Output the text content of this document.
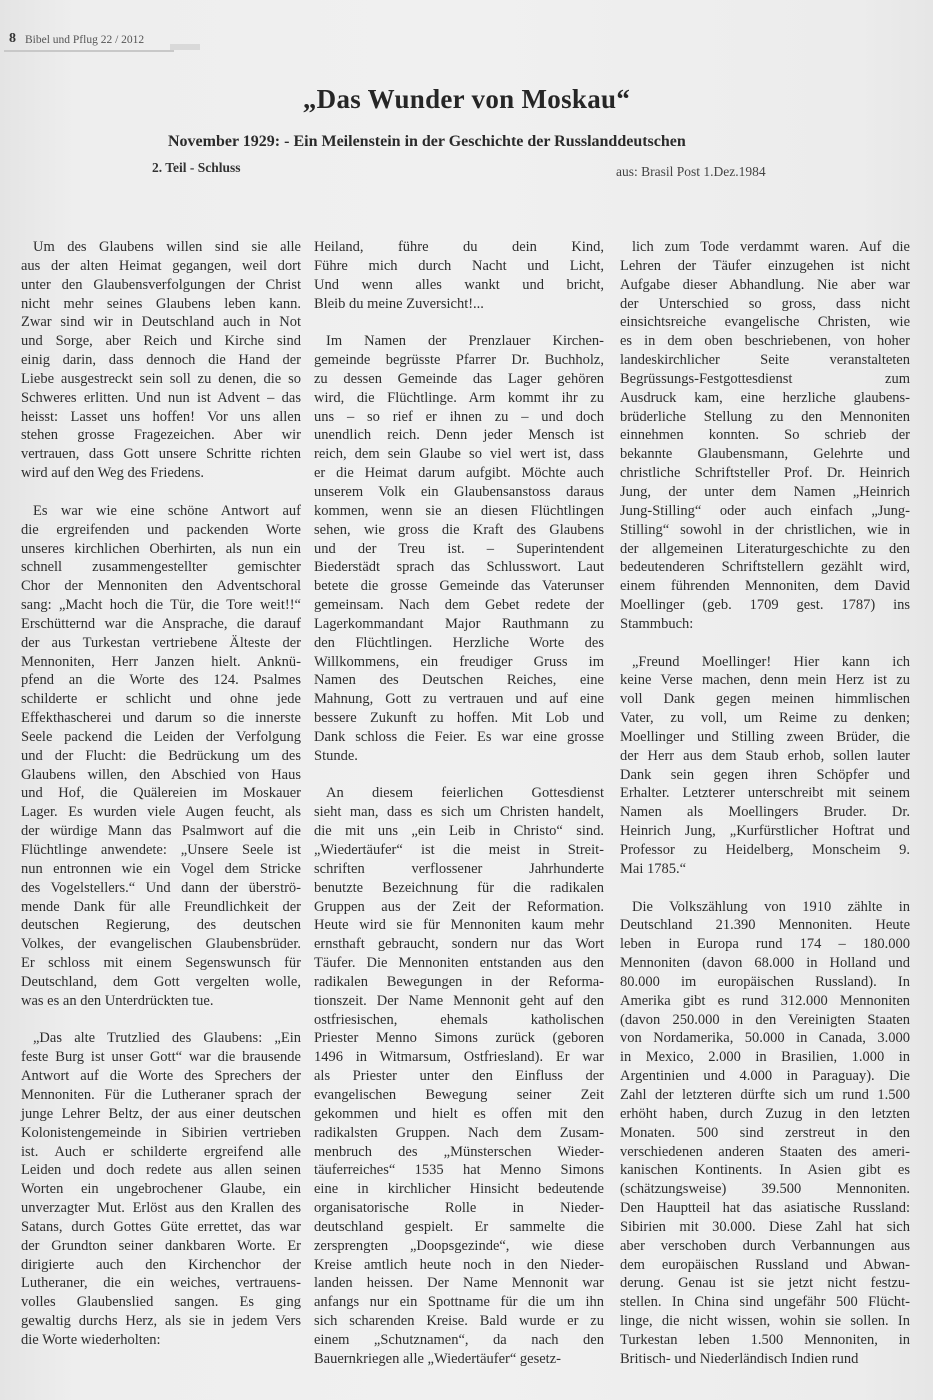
8 Bibel und Pflug 22 / 2012
„Das Wunder von Moskau“
November 1929: - Ein Meilenstein in der Geschichte der Russlanddeutschen
2. Teil - Schluss	aus: Brasil Post 1.Dez.1984
Um des Glaubens willen sind sie alle
aus der alten Heimat gegangen, weil dort
unter den Glaubensverfolgungen der Christ
nicht mehr seines Glaubens leben kann.
Zwar sind wir in Deutschland auch in Not
und Sorge, aber Reich und Kirche sind
einig darin, dass dennoch die Hand der
Liebe ausgestreckt sein soll zu denen, die so
Schweres erlitten. Und nun ist Advent – das
heisst: Lasset uns hoffen! Vor uns allen
stehen grosse Fragezeichen. Aber wir
vertrauen, dass Gott unsere Schritte richten
wird auf den Weg des Friedens.
Es war wie eine schöne Antwort auf
die ergreifenden und packenden Worte
unseres kirchlichen Oberhirten, als nun ein
schnell zusammengestellter gemischter
Chor der Mennoniten den Adventschoral
sang: „Macht hoch die Tür, die Tore weit!!“
Erschütternd war die Ansprache, die darauf
der aus Turkestan vertriebene Älteste der
Mennoniten, Herr Janzen hielt. Anknü-
pfend an die Worte des 124. Psalmes
schilderte er schlicht und ohne jede
Effekthascherei und darum so die innerste
Seele packend die Leiden der Verfolgung
und der Flucht: die Bedrückung um des
Glaubens willen, den Abschied von Haus
und Hof, die Quälereien im Moskauer
Lager. Es wurden viele Augen feucht, als
der würdige Mann das Psalmwort auf die
Flüchtlinge anwendete: „Unsere Seele ist
nun entronnen wie ein Vogel dem Stricke
des Vogelstellers.“ Und dann der überströ-
mende Dank für alle Freundlichkeit der
deutschen Regierung, des deutschen
Volkes, der evangelischen Glaubensbrüder.
Er schloss mit einem Segenswunsch für
Deutschland, dem Gott vergelten wolle,
was es an den Unterdrückten tue.
„Das alte Trutzlied des Glaubens: „Ein
feste Burg ist unser Gott“ war die brausende
Antwort auf die Worte des Sprechers der
Mennoniten. Für die Lutheraner sprach der
junge Lehrer Beltz, der aus einer deutschen
Kolonistengemeinde in Sibirien vertrieben
ist. Auch er schilderte ergreifend alle
Leiden und doch redete aus allen seinen
Worten ein ungebrochener Glaube, ein
unverzagter Mut. Erlöst aus den Krallen des
Satans, durch Gottes Güte errettet, das war
der Grundton seiner dankbaren Worte. Er
dirigierte auch den Kirchenchor der
Lutheraner, die ein weiches, vertrauens-
volles Glaubenslied sangen. Es ging
gewaltig durchs Herz, als sie in jedem Vers
die Worte wiederholten:
Heiland, führe du dein Kind,
Führe mich durch Nacht und Licht,
Und wenn alles wankt und bricht,
Bleib du meine Zuversicht!...
Im Namen der Prenzlauer Kirchen-
gemeinde begrüsste Pfarrer Dr. Buchholz,
zu dessen Gemeinde das Lager gehören
wird, die Flüchtlinge. Arm kommt ihr zu
uns – so rief er ihnen zu – und doch
unendlich reich. Denn jeder Mensch ist
reich, dem sein Glaube so viel wert ist, dass
er die Heimat darum aufgibt. Möchte auch
unserem Volk ein Glaubensanstoss daraus
kommen, wenn sie an diesen Flüchtlingen
sehen, wie gross die Kraft des Glaubens
und der Treu ist. – Superintendent
Biederstädt sprach das Schlusswort. Laut
betete die grosse Gemeinde das Vaterunser
gemeinsam. Nach dem Gebet redete der
Lagerkommandant Major Rauthmann zu
den Flüchtlingen. Herzliche Worte des
Willkommens, ein freudiger Gruss im
Namen des Deutschen Reiches, eine
Mahnung, Gott zu vertrauen und auf eine
bessere Zukunft zu hoffen. Mit Lob und
Dank schloss die Feier. Es war eine grosse
Stunde.
An diesem feierlichen Gottesdienst
sieht man, dass es sich um Christen handelt,
die mit uns „ein Leib in Christo“ sind.
„Wiedertäufer“ ist die meist in Streit-
schriften verflossener Jahrhunderte
benutzte Bezeichnung für die radikalen
Gruppen aus der Zeit der Reformation.
Heute wird sie für Mennoniten kaum mehr
ernsthaft gebraucht, sondern nur das Wort
Täufer. Die Mennoniten entstanden aus den
radikalen Bewegungen in der Reforma-
tionszeit. Der Name Mennonit geht auf den
ostfriesischen, ehemals katholischen
Priester Menno Simons zurück (geboren
1496 in Witmarsum, Ostfriesland). Er war
als Priester unter den Einfluss der
evangelischen Bewegung seiner Zeit
gekommen und hielt es offen mit den
radikalsten Gruppen. Nach dem Zusam-
menbruch des „Münsterschen Wieder-
täuferreiches“ 1535 hat Menno Simons
eine in kirchlicher Hinsicht bedeutende
organisatorische Rolle in Nieder-
deutschland gespielt. Er sammelte die
zersprengten „Doopsgezinde“, wie diese
Kreise amtlich heute noch in den Nieder-
landen heissen. Der Name Mennonit war
anfangs nur ein Spottname für die um ihn
sich scharenden Kreise. Bald wurde er zu
einem „Schutznamen“, da nach den
Bauernkriegen alle „Wiedertäufer“ gesetz-
lich zum Tode verdammt waren. Auf die
Lehren der Täufer einzugehen ist nicht
Aufgabe dieser Abhandlung. Nie aber war
der Unterschied so gross, dass nicht
einsichtsreiche evangelische Christen, wie
es in dem oben beschriebenen, von hoher
landeskirchlicher Seite veranstalteten
Begrüssungs-Festgottesdienst zum
Ausdruck kam, eine herzliche glaubens-
brüderliche Stellung zu den Mennoniten
einnehmen konnten. So schrieb der
bekannte Glaubensmann, Gelehrte und
christliche Schriftsteller Prof. Dr. Heinrich
Jung, der unter dem Namen „Heinrich
Jung-Stilling“ oder auch einfach „Jung-
Stilling“ sowohl in der christlichen, wie in
der allgemeinen Literaturgeschichte zu den
bedeutenderen Schriftstellern gezählt wird,
einem führenden Mennoniten, dem David
Moellinger (geb. 1709 gest. 1787) ins
Stammbuch:
„Freund Moellinger! Hier kann ich
keine Verse machen, denn mein Herz ist zu
voll Dank gegen meinen himmlischen
Vater, zu voll, um Reime zu denken;
Moellinger und Stilling zween Brüder, die
der Herr aus dem Staub erhob, sollen lauter
Dank sein gegen ihren Schöpfer und
Erhalter. Letzterer unterschreibt mit seinem
Namen als Moellingers Bruder. Dr.
Heinrich Jung, „Kurfürstlicher Hoftrat und
Professor zu Heidelberg, Monscheim 9.
Mai 1785.“
Die Volkszählung von 1910 zählte in
Deutschland 21.390 Mennoniten. Heute
leben in Europa rund 174 – 180.000
Mennoniten (davon 68.000 in Holland und
80.000 im europäischen Russland). In
Amerika gibt es rund 312.000 Mennoniten
(davon 250.000 in den Vereinigten Staaten
von Nordamerika, 50.000 in Canada, 3.000
in Mexico, 2.000 in Brasilien, 1.000 in
Argentinien und 4.000 in Paraguay). Die
Zahl der letzteren dürfte sich um rund 1.500
erhöht haben, durch Zuzug in den letzten
Monaten. 500 sind zerstreut in den
verschiedenen anderen Staaten des ameri-
kanischen Kontinents. In Asien gibt es
(schätzungsweise) 39.500 Mennoniten.
Den Hauptteil hat das asiatische Russland:
Sibirien mit 30.000. Diese Zahl hat sich
aber verschoben durch Verbannungen aus
dem europäischen Russland und Abwan-
derung. Genau ist sie jetzt nicht festzu-
stellen. In China sind ungefähr 500 Flücht-
linge, die nicht wissen, wohin sie sollen. In
Turkestan leben 1.500 Mennoniten, in
Britisch- und Niederländisch Indien rund
